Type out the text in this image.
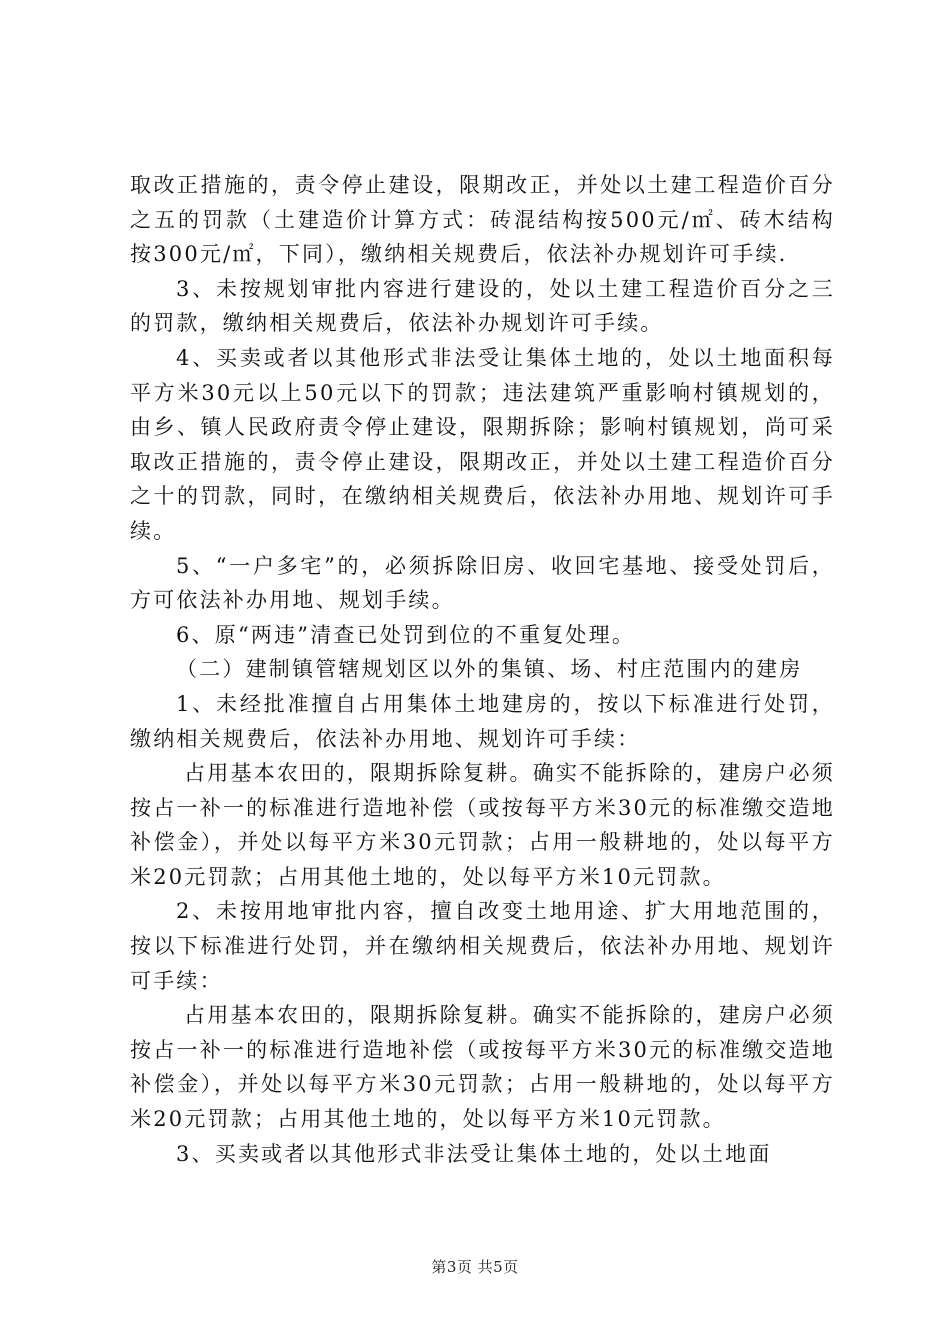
取改正措施的，责令停止建设，限期改正，并处以土建工程造价百分之五的罚款（土建造价计算方式：砖混结构按500元/㎡、砖木结构按300元/㎡，下同），缴纳相关规费后，依法补办规划许可手续.

3、未按规划审批内容进行建设的，处以土建工程造价百分之三的罚款，缴纳相关规费后，依法补办规划许可手续。

4、买卖或者以其他形式非法受让集体土地的，处以土地面积每平方米30元以上50元以下的罚款；违法建筑严重影响村镇规划的，由乡、镇人民政府责令停止建设，限期拆除；影响村镇规划，尚可采取改正措施的，责令停止建设，限期改正，并处以土建工程造价百分之十的罚款，同时，在缴纳相关规费后，依法补办用地、规划许可手续。

5、“一户多宅”的，必须拆除旧房、收回宅基地、接受处罚后，方可依法补办用地、规划手续。

6、原“两违”清查已处罚到位的不重复处理。

（二）建制镇管辖规划区以外的集镇、场、村庄范围内的建房

1、未经批准擅自占用集体土地建房的，按以下标准进行处罚，缴纳相关规费后，依法补办用地、规划许可手续：

占用基本农田的，限期拆除复耕。确实不能拆除的，建房户必须按占一补一的标准进行造地补偿（或按每平方米30元的标准缴交造地补偿金），并处以每平方米30元罚款；占用一般耕地的，处以每平方米20元罚款；占用其他土地的，处以每平方米10元罚款。

2、未按用地审批内容，擅自改变土地用途、扩大用地范围的，按以下标准进行处罚，并在缴纳相关规费后，依法补办用地、规划许可手续：

占用基本农田的，限期拆除复耕。确实不能拆除的，建房户必须按占一补一的标准进行造地补偿（或按每平方米30元的标准缴交造地补偿金），并处以每平方米30元罚款；占用一般耕地的，处以每平方米20元罚款；占用其他土地的，处以每平方米10元罚款。

3、买卖或者以其他形式非法受让集体土地的，处以土地面

第3页 共5页
